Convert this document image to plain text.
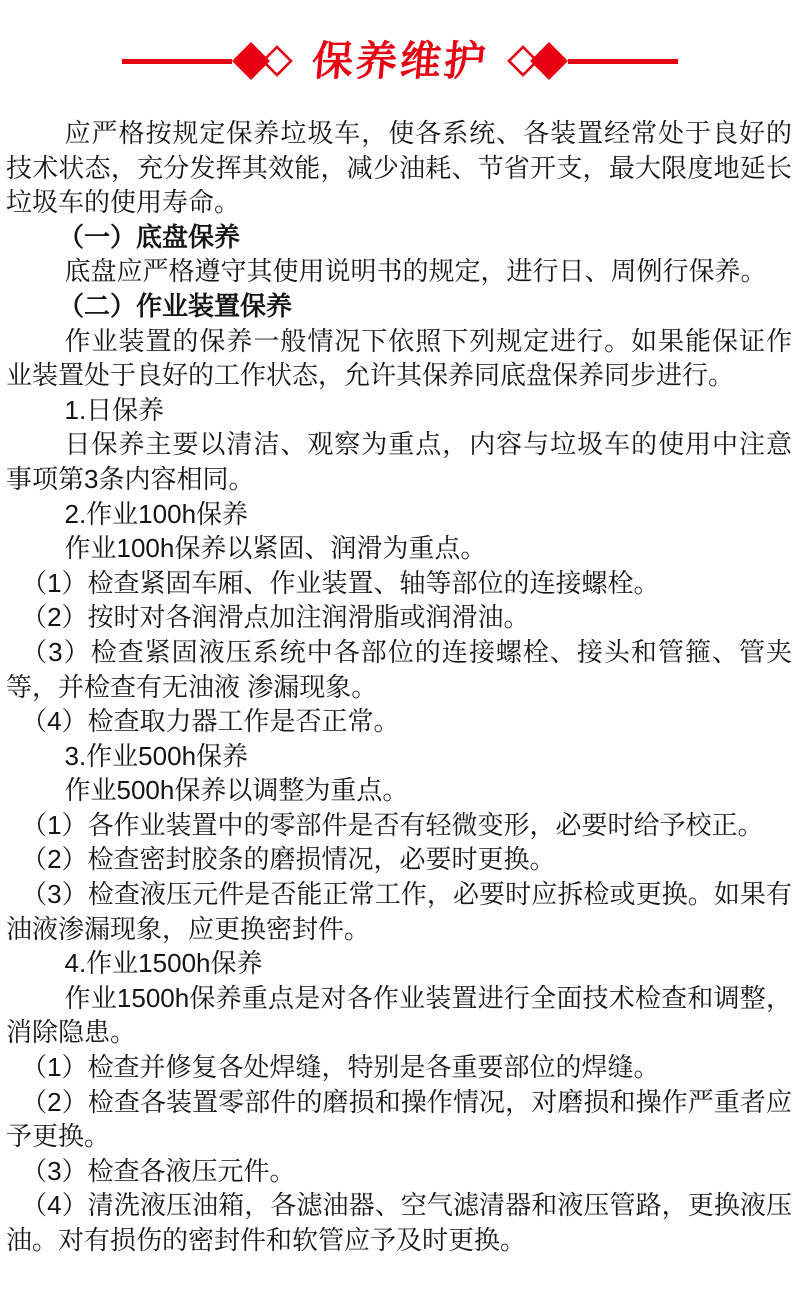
保养维护

应严格按规定保养垃圾车，使各系统、各装置经常处于良好的技术状态，充分发挥其效能，减少油耗、节省开支，最大限度地延长垃圾车的使用寿命。

（一）底盘保养

底盘应严格遵守其使用说明书的规定，进行日、周例行保养。

（二）作业装置保养

作业装置的保养一般情况下依照下列规定进行。如果能保证作业装置处于良好的工作状态，允许其保养同底盘保养同步进行。

1.日保养

日保养主要以清洁、观察为重点，内容与垃圾车的使用中注意事项第3条内容相同。

2.作业100h保养

作业100h保养以紧固、润滑为重点。

（1）检查紧固车厢、作业装置、轴等部位的连接螺栓。

（2）按时对各润滑点加注润滑脂或润滑油。

（3）检查紧固液压系统中各部位的连接螺栓、接头和管箍、管夹等，并检查有无油液 渗漏现象。

（4）检查取力器工作是否正常。

3.作业500h保养

作业500h保养以调整为重点。

（1）各作业装置中的零部件是否有轻微变形，必要时给予校正。

（2）检查密封胶条的磨损情况，必要时更换。

（3）检查液压元件是否能正常工作，必要时应拆检或更换。如果有油液渗漏现象，应更换密封件。

4.作业1500h保养

作业1500h保养重点是对各作业装置进行全面技术检查和调整，消除隐患。

（1）检查并修复各处焊缝，特别是各重要部位的焊缝。

（2）检查各装置零部件的磨损和操作情况，对磨损和操作严重者应予更换。

（3）检查各液压元件。

（4）清洗液压油箱，各滤油器、空气滤清器和液压管路，更换液压油。对有损伤的密封件和软管应予及时更换。
